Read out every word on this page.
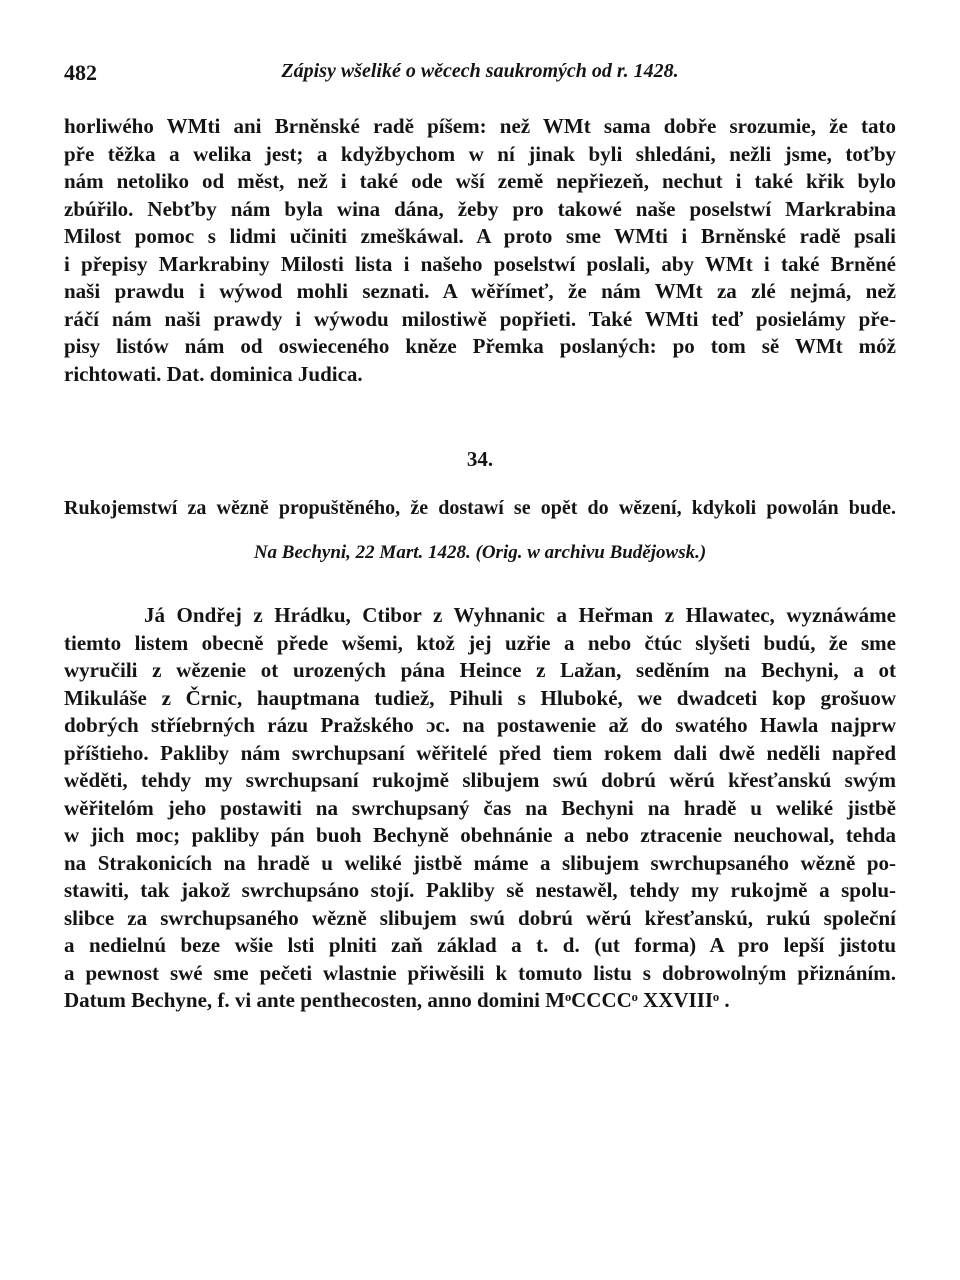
482	Zápisy wšeliké o wěcech saukromých od r. 1428.
horliwého WMti ani Brněnské radě píšem: než WMt sama dobře srozumie, že tato
pře těžka a welika jest; a kdyžbychom w ní jinak byli shledáni, nežli jsme, toťby
nám netoliko od měst, než i také ode wší země nepřiezeň, nechut i také křik bylo
zbúřilo. Nebťby nám byla wina dána, žeby pro takowé naše poselstwí Markrabina
Milost pomoc s lidmi učiniti zmeškáwal. A proto sme WMti i Brněnské radě psali
i přepisy Markrabiny Milosti lista i našeho poselstwí poslali, aby WMt i také Brněné
naši prawdu i wýwod mohli seznati. A wěřímeť, že nám WMt za zlé nejmá, než
ráčí nám naši prawdy i wýwodu milostiwě popřieti. Také WMti teď posielámy pře-
pisy listów nám od oswieceného kněze Přemka poslaných: po tom sě WMt móž
richtowati. Dat. dominica Judica.
34.
Rukojemstwí za wězně propuštěného, že dostawí se opět do wězení, kdykoli powolán bude.
Na Bechyni, 22 Mart. 1428. (Orig. w archivu Budějowsk.)
Já Ondřej z Hrádku, Ctibor z Wyhnanic a Heřman z Hlawatec, wyznáwáme
tiemto listem obecně přede wšemi, ktož jej uzřie a nebo čtúc slyšeti budú, že sme
wyručili z wězenie ot urozených pána Heince z Lažan, seděním na Bechyni, a ot
Mikuláše z Črnic, hauptmana tudiež, Pihuli s Hluboké, we dwadceti kop grošuow
dobrých stříebrných rázu Pražského ɔc. na postawenie až do swatého Hawla najprw
příštieho. Pakliby nám swrchupsaní wěřitelé před tiem rokem dali dwě neděli napřed
wěděti, tehdy my swrchupsaní rukojmě slibujem swú dobrú wěrú křesťanskú swým
wěřitelóm jeho postawiti na swrchupsaný čas na Bechyni na hradě u weliké jistbě
w jich moc; pakliby pán buoh Bechyně obehnánie a nebo ztracenie neuchowal, tehda
na Strakonicích na hradě u weliké jistbě máme a slibujem swrchupsaného wězně po-
stawiti, tak jakož swrchupsáno stojí. Pakliby sě nestawěl, tehdy my rukojmě a spolu-
slibce za swrchupsaného wězně slibujem swú dobrú wěrú křesťanskú, rukú společní
a nedielnú beze wšie lsti plniti zaň základ a t. d. (ut forma) A pro lepší jistotu
a pewnost swé sme pečeti wlastnie přiwěsili k tomuto listu s dobrowolným přiznáním.
Datum Bechyne, f. vi ante penthecosten, anno domini MᵒCCCCᵒ XXVIIIᵒ .
